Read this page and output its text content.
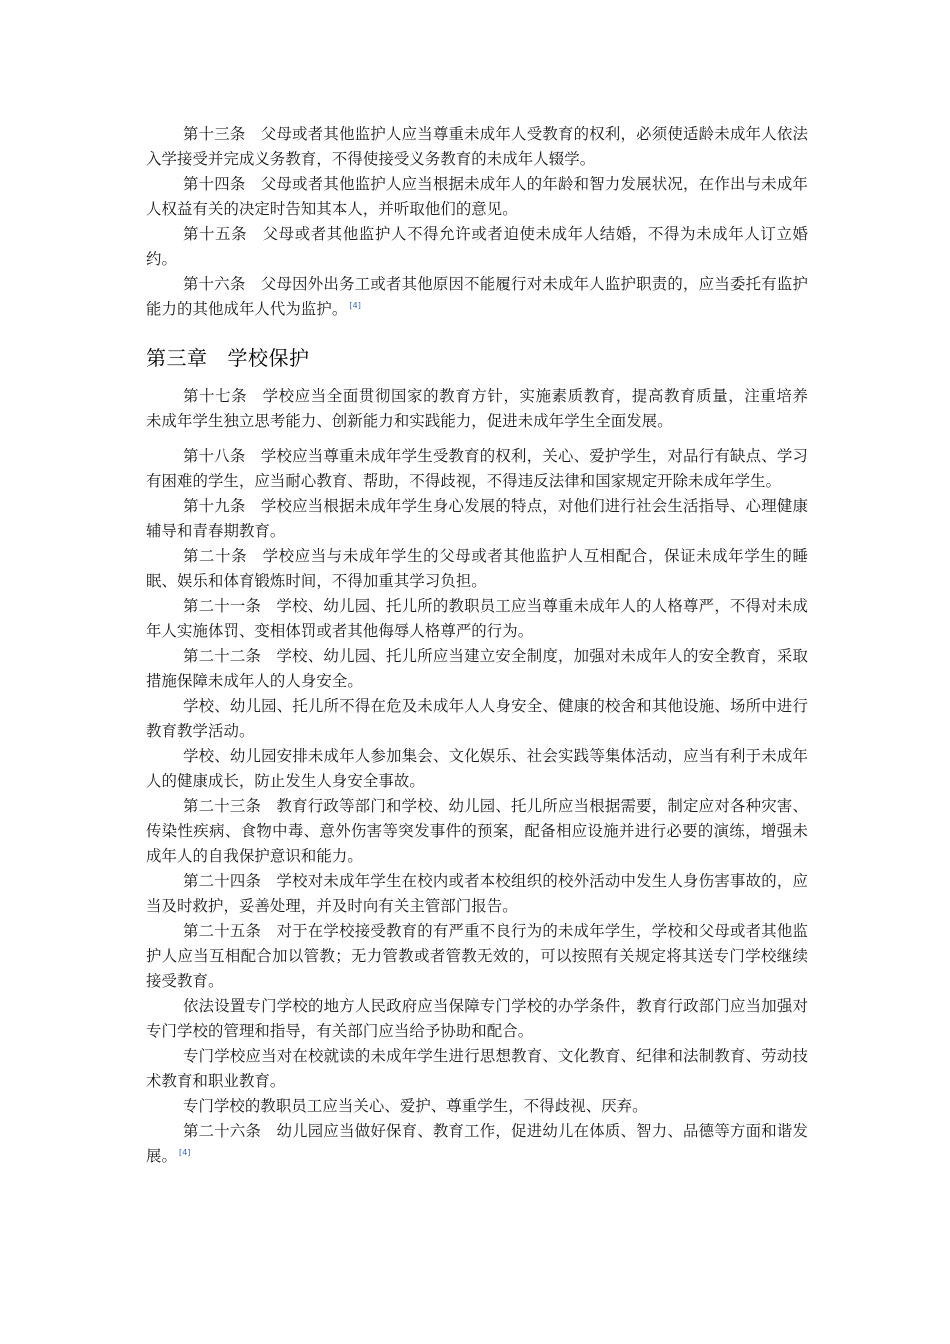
第十三条 父母或者其他监护人应当尊重未成年人受教育的权利，必须使适龄未成年人依法入学接受并完成义务教育，不得使接受义务教育的未成年人辍学。

第十四条 父母或者其他监护人应当根据未成年人的年龄和智力发展状况，在作出与未成年人权益有关的决定时告知其本人，并听取他们的意见。

第十五条 父母或者其他监护人不得允许或者迫使未成年人结婚，不得为未成年人订立婚约。

第十六条 父母因外出务工或者其他原因不能履行对未成年人监护职责的，应当委托有监护能力的其他成年人代为监护。 [4]

第三章 学校保护

第十七条 学校应当全面贯彻国家的教育方针，实施素质教育，提高教育质量，注重培养　未成年学生独立思考能力、创新能力和实践能力，促进未成年学生全面发展。

第十八条 学校应当尊重未成年学生受教育的权利，关心、爱护学生，对品行有缺点、学习有困难的学生，应当耐心教育、帮助，不得歧视，不得违反法律和国家规定开除未成年学生。

第十九条 学校应当根据未成年学生身心发展的特点，对他们进行社会生活指导、心理健康辅导和青春期教育。

第二十条 学校应当与未成年学生的父母或者其他监护人互相配合，保证未成年学生的睡眠、娱乐和体育锻炼时间，不得加重其学习负担。

第二十一条 学校、幼儿园、托儿所的教职员工应当尊重未成年人的人格尊严，不得对未成年人实施体罚、变相体罚或者其他侮辱人格尊严的行为。

第二十二条 学校、幼儿园、托儿所应当建立安全制度，加强对未成年人的安全教育，采取措施保障未成年人的人身安全。

学校、幼儿园、托儿所不得在危及未成年人人身安全、健康的校舍和其他设施、场所中进行教育教学活动。

学校、幼儿园安排未成年人参加集会、文化娱乐、社会实践等集体活动，应当有利于未成年人的健康成长，防止发生人身安全事故。

第二十三条 教育行政等部门和学校、幼儿园、托儿所应当根据需要，制定应对各种灾害、传染性疾病、食物中毒、意外伤害等突发事件的预案，配备相应设施并进行必要的演练，增强未成年人的自我保护意识和能力。

第二十四条 学校对未成年学生在校内或者本校组织的校外活动中发生人身伤害事故的，应当及时救护，妥善处理，并及时向有关主管部门报告。

第二十五条 对于在学校接受教育的有严重不良行为的未成年学生，学校和父母或者其他监护人应当互相配合加以管教；无力管教或者管教无效的，可以按照有关规定将其送专门学校继续接受教育。

依法设置专门学校的地方人民政府应当保障专门学校的办学条件，教育行政部门应当加强对专门学校的管理和指导，有关部门应当给予协助和配合。

专门学校应当对在校就读的未成年学生进行思想教育、文化教育、纪律和法制教育、劳动技术教育和职业教育。

专门学校的教职员工应当关心、爱护、尊重学生，不得歧视、厌弃。

第二十六条 幼儿园应当做好保育、教育工作，促进幼儿在体质、智力、品德等方面和谐发展。 [4]
